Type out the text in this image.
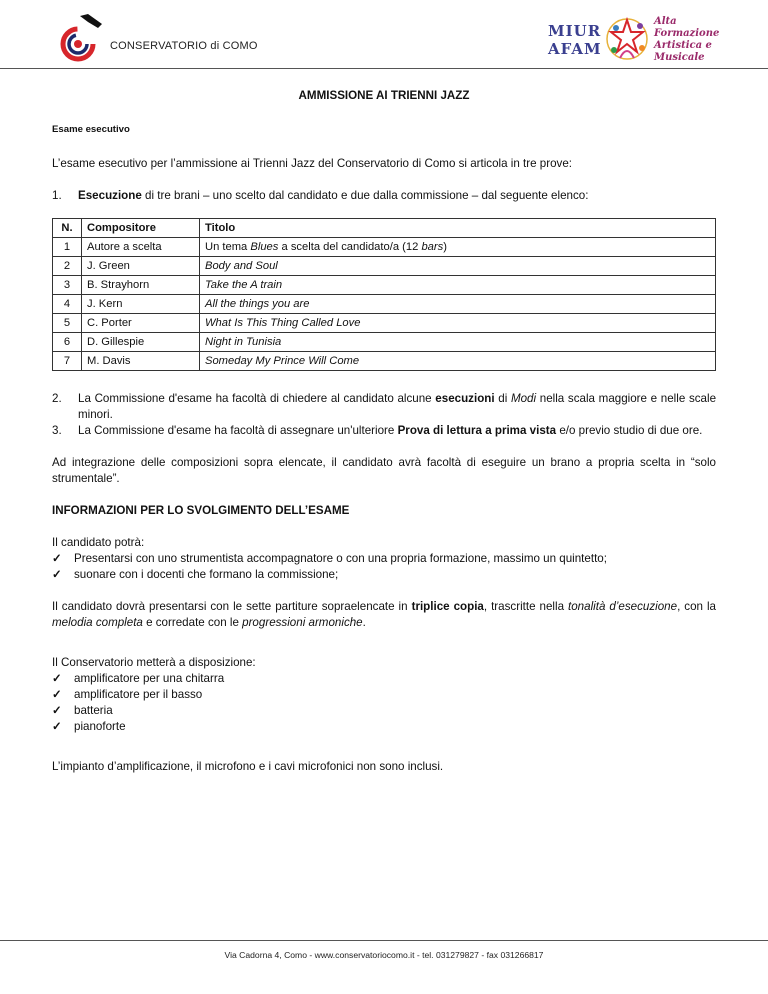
CONSERVATORIO di COMO
MIUR
AFAM
Alta
Formazione
Artistica e
Musicale

AMMISSIONE AI TRIENNI JAZZ

Esame esecutivo
L’esame esecutivo per l’ammissione ai Trienni Jazz del Conservatorio di Como si articola in tre prove:
1.	Esecuzione di tre brani – uno scelto dal candidato e due dalla commissione – dal seguente elenco:
N.	Compositore	Titolo
1	Autore a scelta	Un tema Blues a scelta del candidato/a (12 bars)
2	J. Green	Body and Soul
3	B. Strayhorn	Take the A train
4	J. Kern	All the things you are
5	C. Porter	What Is This Thing Called Love
6	D. Gillespie	Night in Tunisia
7	M. Davis	Someday My Prince Will Come
2.	La Commissione d'esame ha facoltà di chiedere al candidato alcune esecuzioni di Modi nella scala maggiore e nelle scale minori.
3.	La Commissione d'esame ha facoltà di assegnare un'ulteriore Prova di lettura a prima vista e/o previo studio di due ore.
Ad integrazione delle composizioni sopra elencate, il candidato avrà facoltà di eseguire un brano a propria scelta in “solo strumentale”.
INFORMAZIONI PER LO SVOLGIMENTO DELL’ESAME
Il candidato potrà:
✓	Presentarsi con uno strumentista accompagnatore o con una propria formazione, massimo un quintetto;
✓	suonare con i docenti che formano la commissione;
Il candidato dovrà presentarsi con le sette partiture sopraelencate in triplice copia, trascritte nella tonalità d’esecuzione, con la melodia completa e corredate con le progressioni armoniche.
Il Conservatorio metterà a disposizione:
✓	amplificatore per una chitarra
✓	amplificatore per il basso
✓	batteria
✓	pianoforte
L’impianto d’amplificazione, il microfono e i cavi microfonici non sono inclusi.
Via Cadorna 4, Como - www.conservatoriocomo.it - tel. 031279827 - fax 031266817
